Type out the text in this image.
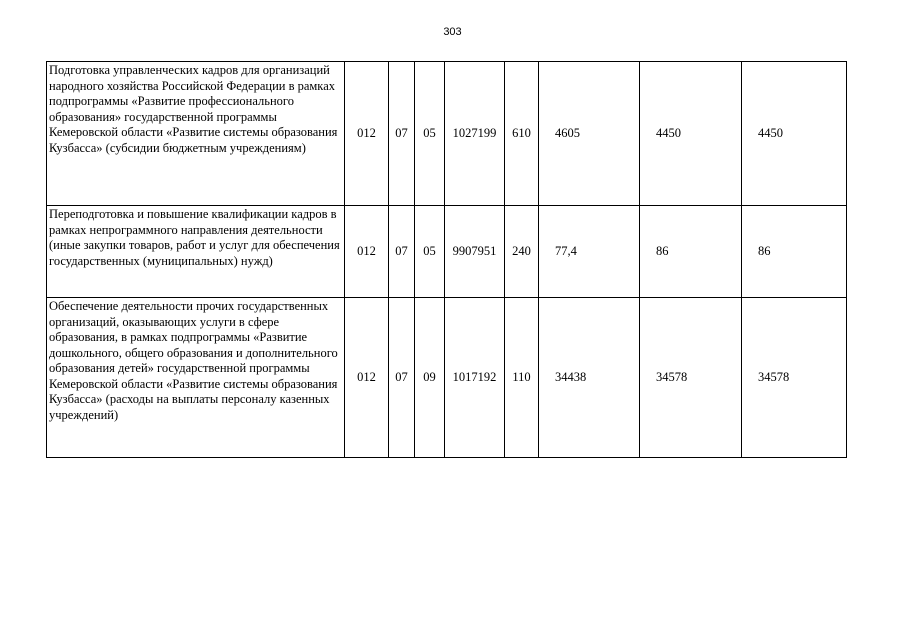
303
Подготовка управленческих кадров для организаций народного хозяйства Российской Федерации в рамках подпрограммы «Развитие профессионального образования» государственной программы Кемеровской области «Развитие системы образования Кузбасса» (субсидии бюджетным учреждениям)	012	07	05	1027199	610	4605	4450	4450
Переподготовка и повышение квалификации кадров в рамках непрограммного направления деятельности (иные закупки товаров, работ и услуг для обеспечения государственных (муниципальных) нужд)	012	07	05	9907951	240	77,4	86	86
Обеспечение деятельности прочих государственных организаций, оказывающих услуги в сфере образования, в рамках подпрограммы «Развитие дошкольного, общего образования и дополнительного образования детей» государственной программы Кемеровской области «Развитие системы образования Кузбасса» (расходы на выплаты персоналу казенных учреждений)	012	07	09	1017192	110	34438	34578	34578
